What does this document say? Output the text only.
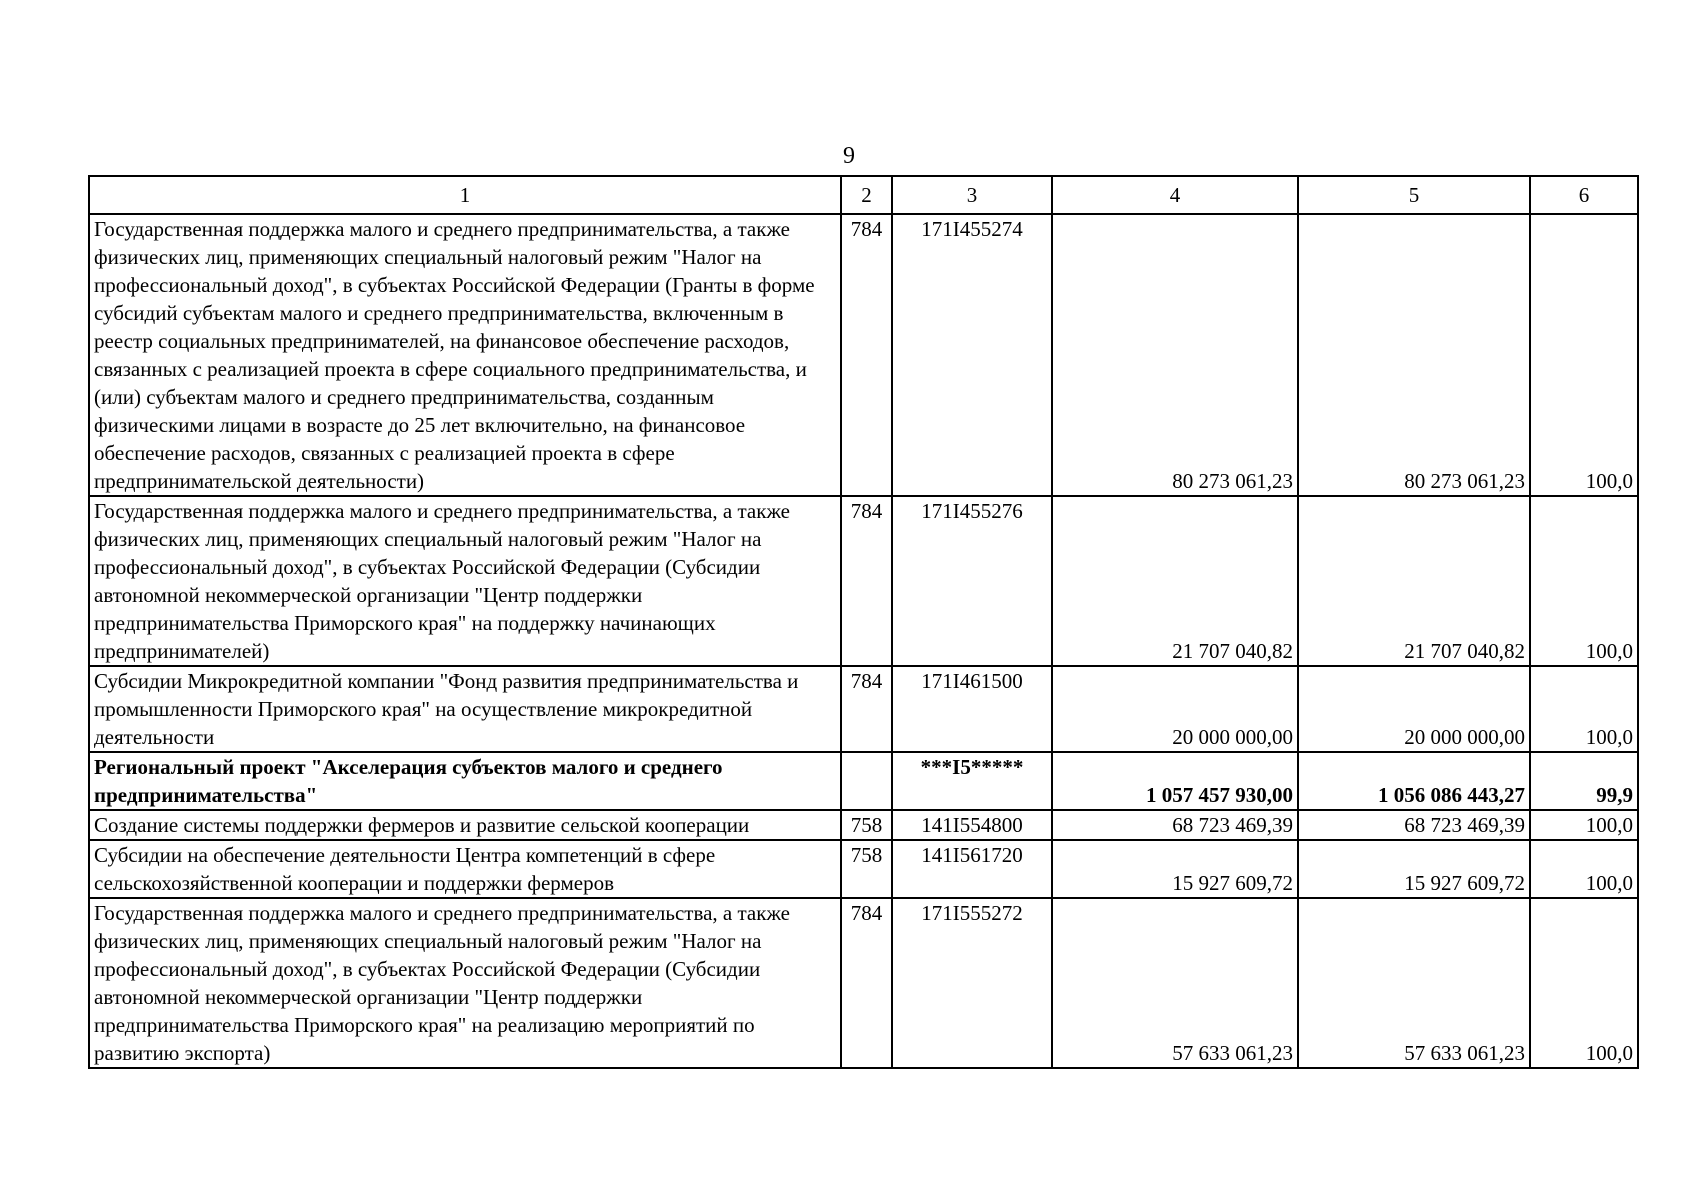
9
1	2	3	4	5	6
Государственная поддержка малого и среднего предпринимательства, а также физических лиц, применяющих специальный налоговый режим "Налог на профессиональный доход", в субъектах Российской Федерации (Гранты в форме субсидий субъектам малого и среднего предпринимательства, включенным в реестр социальных предпринимателей, на финансовое обеспечение расходов, связанных с реализацией проекта в сфере социального предпринимательства, и (или) субъектам малого и среднего предпринимательства, созданным физическими лицами в возрасте до 25 лет включительно, на финансовое обеспечение расходов, связанных с реализацией проекта в сфере предпринимательской деятельности)	784	171I455274	80 273 061,23	80 273 061,23	100,0
Государственная поддержка малого и среднего предпринимательства, а также физических лиц, применяющих специальный налоговый режим "Налог на профессиональный доход", в субъектах Российской Федерации (Субсидии автономной некоммерческой организации "Центр поддержки предпринимательства Приморского края" на поддержку начинающих предпринимателей)	784	171I455276	21 707 040,82	21 707 040,82	100,0
Субсидии Микрокредитной компании "Фонд развития предпринимательства и промышленности Приморского края" на осуществление микрокредитной деятельности	784	171I461500	20 000 000,00	20 000 000,00	100,0
Региональный проект "Акселерация субъектов малого и среднего предпринимательства"		***I5*****	1 057 457 930,00	1 056 086 443,27	99,9
Создание системы поддержки фермеров и развитие сельской кооперации	758	141I554800	68 723 469,39	68 723 469,39	100,0
Субсидии на обеспечение деятельности Центра компетенций в сфере сельскохозяйственной кооперации и поддержки фермеров	758	141I561720	15 927 609,72	15 927 609,72	100,0
Государственная поддержка малого и среднего предпринимательства, а также физических лиц, применяющих специальный налоговый режим "Налог на профессиональный доход", в субъектах Российской Федерации (Субсидии автономной некоммерческой организации "Центр поддержки предпринимательства Приморского края" на реализацию мероприятий по развитию экспорта)	784	171I555272	57 633 061,23	57 633 061,23	100,0
